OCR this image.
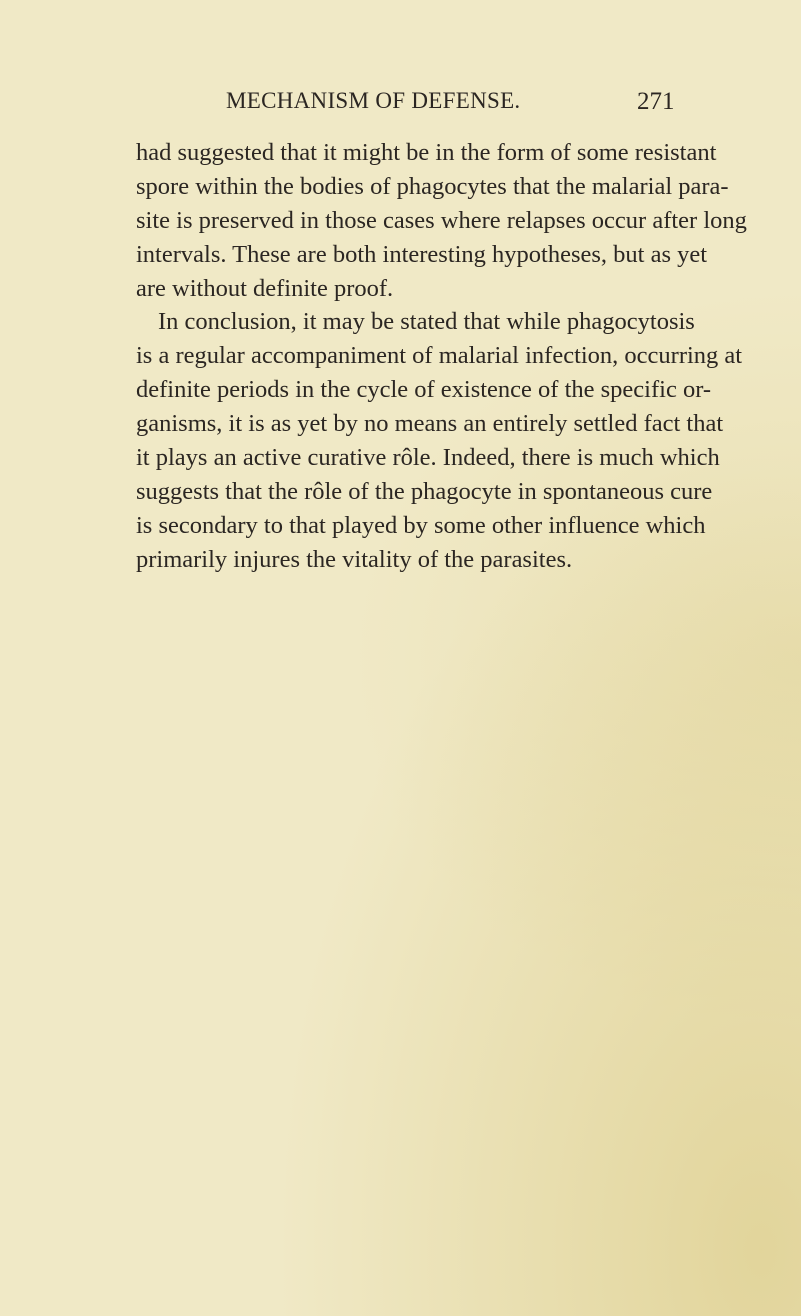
MECHANISM OF DEFENSE.	271
had suggested that it might be in the form of some resistant
spore within the bodies of phagocytes that the malarial para-
site is preserved in those cases where relapses occur after long
intervals. These are both interesting hypotheses, but as yet
are without definite proof.
In conclusion, it may be stated that while phagocytosis
is a regular accompaniment of malarial infection, occurring at
definite periods in the cycle of existence of the specific or-
ganisms, it is as yet by no means an entirely settled fact that
it plays an active curative rôle. Indeed, there is much which
suggests that the rôle of the phagocyte in spontaneous cure
is secondary to that played by some other influence which
primarily injures the vitality of the parasites.
